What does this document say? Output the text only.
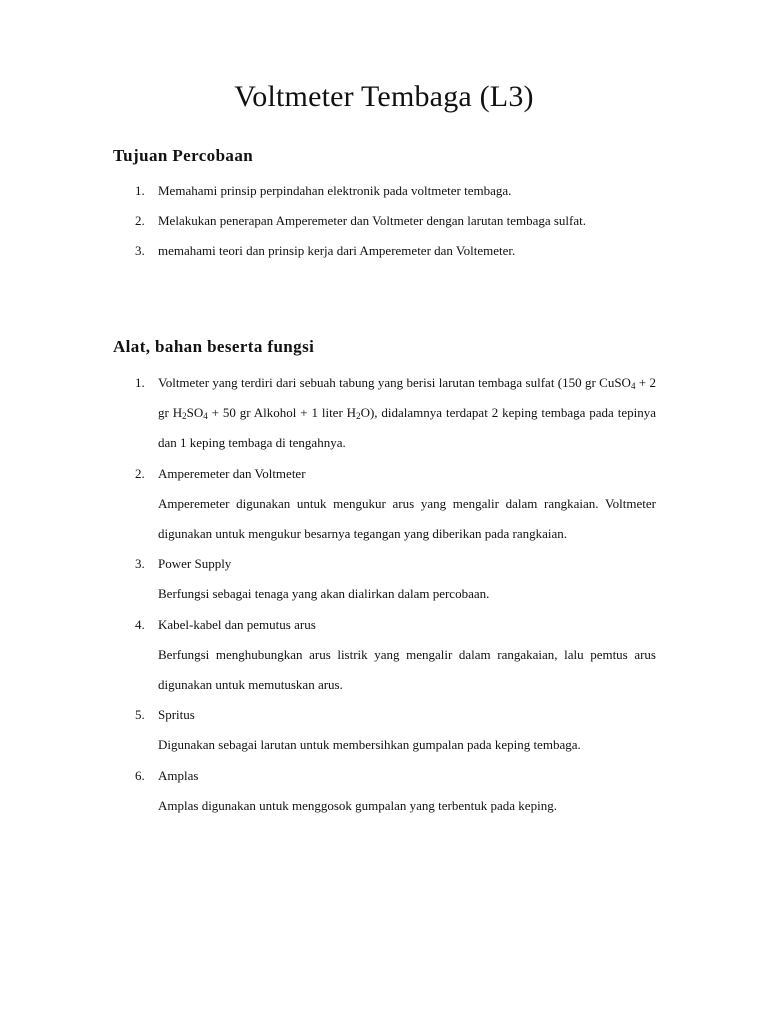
Voltmeter Tembaga (L3)
Tujuan Percobaan
1.	Memahami prinsip perpindahan elektronik pada voltmeter tembaga.
2.	Melakukan penerapan Amperemeter dan Voltmeter dengan larutan tembaga sulfat.
3.	memahami teori dan prinsip kerja dari Amperemeter dan Voltemeter.
Alat, bahan beserta fungsi
1.	Voltmeter yang terdiri dari sebuah tabung yang berisi larutan tembaga sulfat (150 gr CuSO$_4$ + 2 gr $H_2SO_4 + 50$ gr Alkohol + 1 liter $H_2O$), didalamnya terdapat 2 keping tembaga pada tepinya dan 1 keping tembaga di tengahnya.
2.	Amperemeter dan Voltmeter

Amperemeter digunakan untuk mengukur arus yang mengalir dalam rangkaian. Voltmeter digunakan untuk mengukur besarnya tegangan yang diberikan pada rangkaian.

3.	Power Supply

Berfungsi sebagai tenaga yang akan dialirkan dalam percobaan.

4.	Kabel-kabel dan pemutus arus

Berfungsi menghubungkan arus listrik yang mengalir dalam rangakaian, lalu pemtus arus digunakan untuk memutuskan arus.

5.	Spritus

Digunakan sebagai larutan untuk membersihkan gumpalan pada keping tembaga.

6.	Amplas

Amplas digunakan untuk menggosok gumpalan yang terbentuk pada keping.
